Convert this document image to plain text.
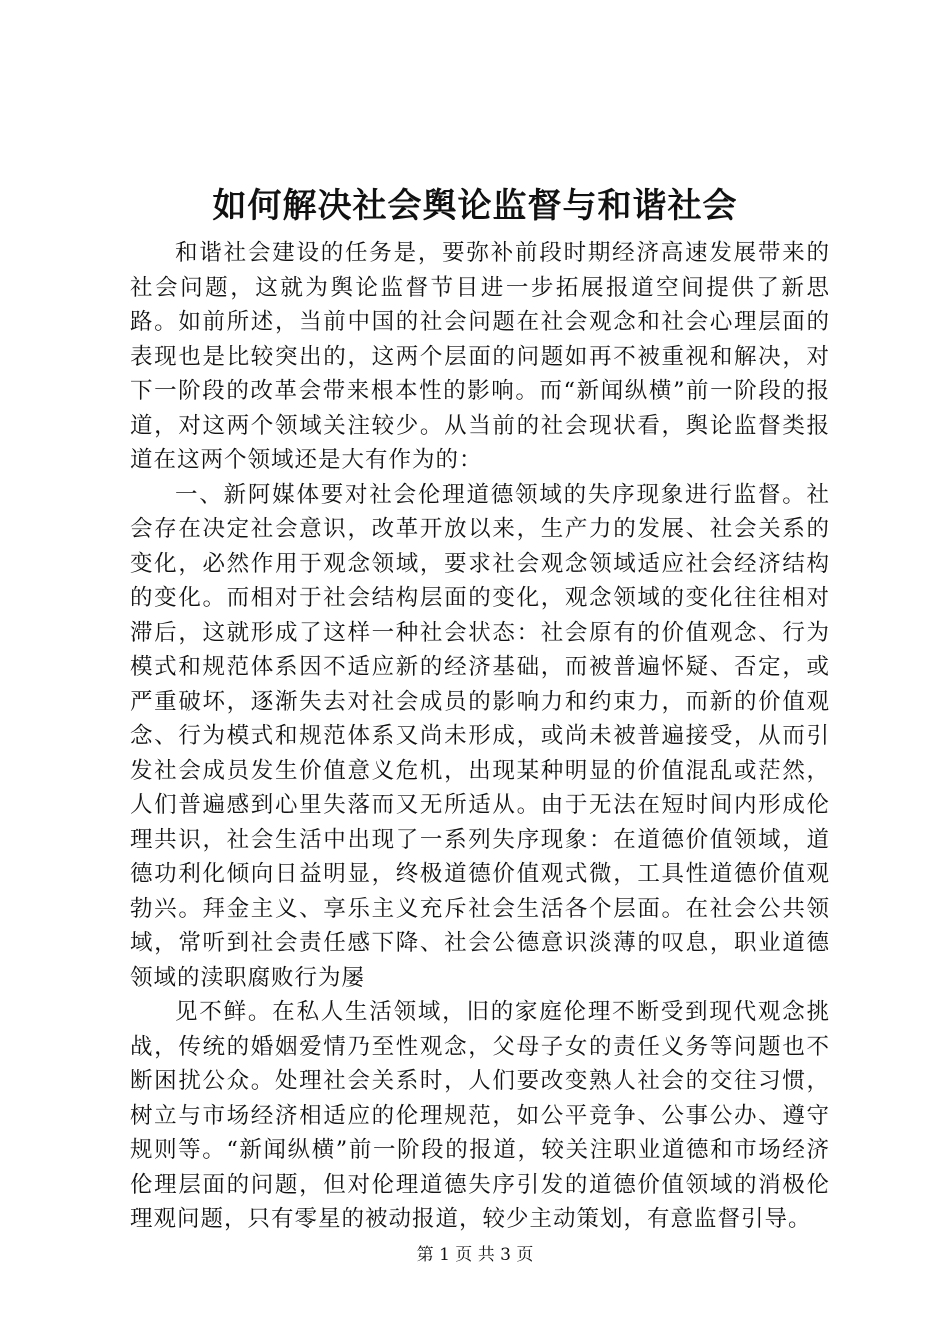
如何解决社会舆论监督与和谐社会

和谐社会建设的任务是，要弥补前段时期经济高速发展带来的社会问题，这就为舆论监督节目进一步拓展报道空间提供了新思路。如前所述，当前中国的社会问题在社会观念和社会心理层面的表现也是比较突出的，这两个层面的问题如再不被重视和解决，对下一阶段的改革会带来根本性的影响。而“新闻纵横”前一阶段的报道，对这两个领域关注较少。从当前的社会现状看，舆论监督类报道在这两个领域还是大有作为的：

一、新阿媒体要对社会伦理道德领域的失序现象进行监督。社会存在决定社会意识，改革开放以来，生产力的发展、社会关系的变化，必然作用于观念领域，要求社会观念领域适应社会经济结构的变化。而相对于社会结构层面的变化，观念领域的变化往往相对滞后，这就形成了这样一种社会状态：社会原有的价值观念、行为模式和规范体系因不适应新的经济基础，而被普遍怀疑、否定，或严重破坏，逐渐失去对社会成员的影响力和约束力，而新的价值观念、行为模式和规范体系又尚未形成，或尚未被普遍接受，从而引发社会成员发生价值意义危机，出现某种明显的价值混乱或茫然，人们普遍感到心里失落而又无所适从。由于无法在短时间内形成伦理共识，社会生活中出现了一系列失序现象：在道德价值领域，道德功利化倾向日益明显，终极道德价值观式微，工具性道德价值观勃兴。拜金主义、享乐主义充斥社会生活各个层面。在社会公共领域，常听到社会责任感下降、社会公德意识淡薄的叹息，职业道德领域的渎职腐败行为屡

见不鲜。在私人生活领域，旧的家庭伦理不断受到现代观念挑战，传统的婚姻爱情乃至性观念，父母子女的责任义务等问题也不断困扰公众。处理社会关系时，人们要改变熟人社会的交往习惯，树立与市场经济相适应的伦理规范，如公平竞争、公事公办、遵守规则等。“新闻纵横”前一阶段的报道，较关注职业道德和市场经济伦理层面的问题，但对伦理道德失序引发的道德价值领域的消极伦理观问题，只有零星的被动报道，较少主动策划，有意监督引导。

第 1 页 共 3 页
